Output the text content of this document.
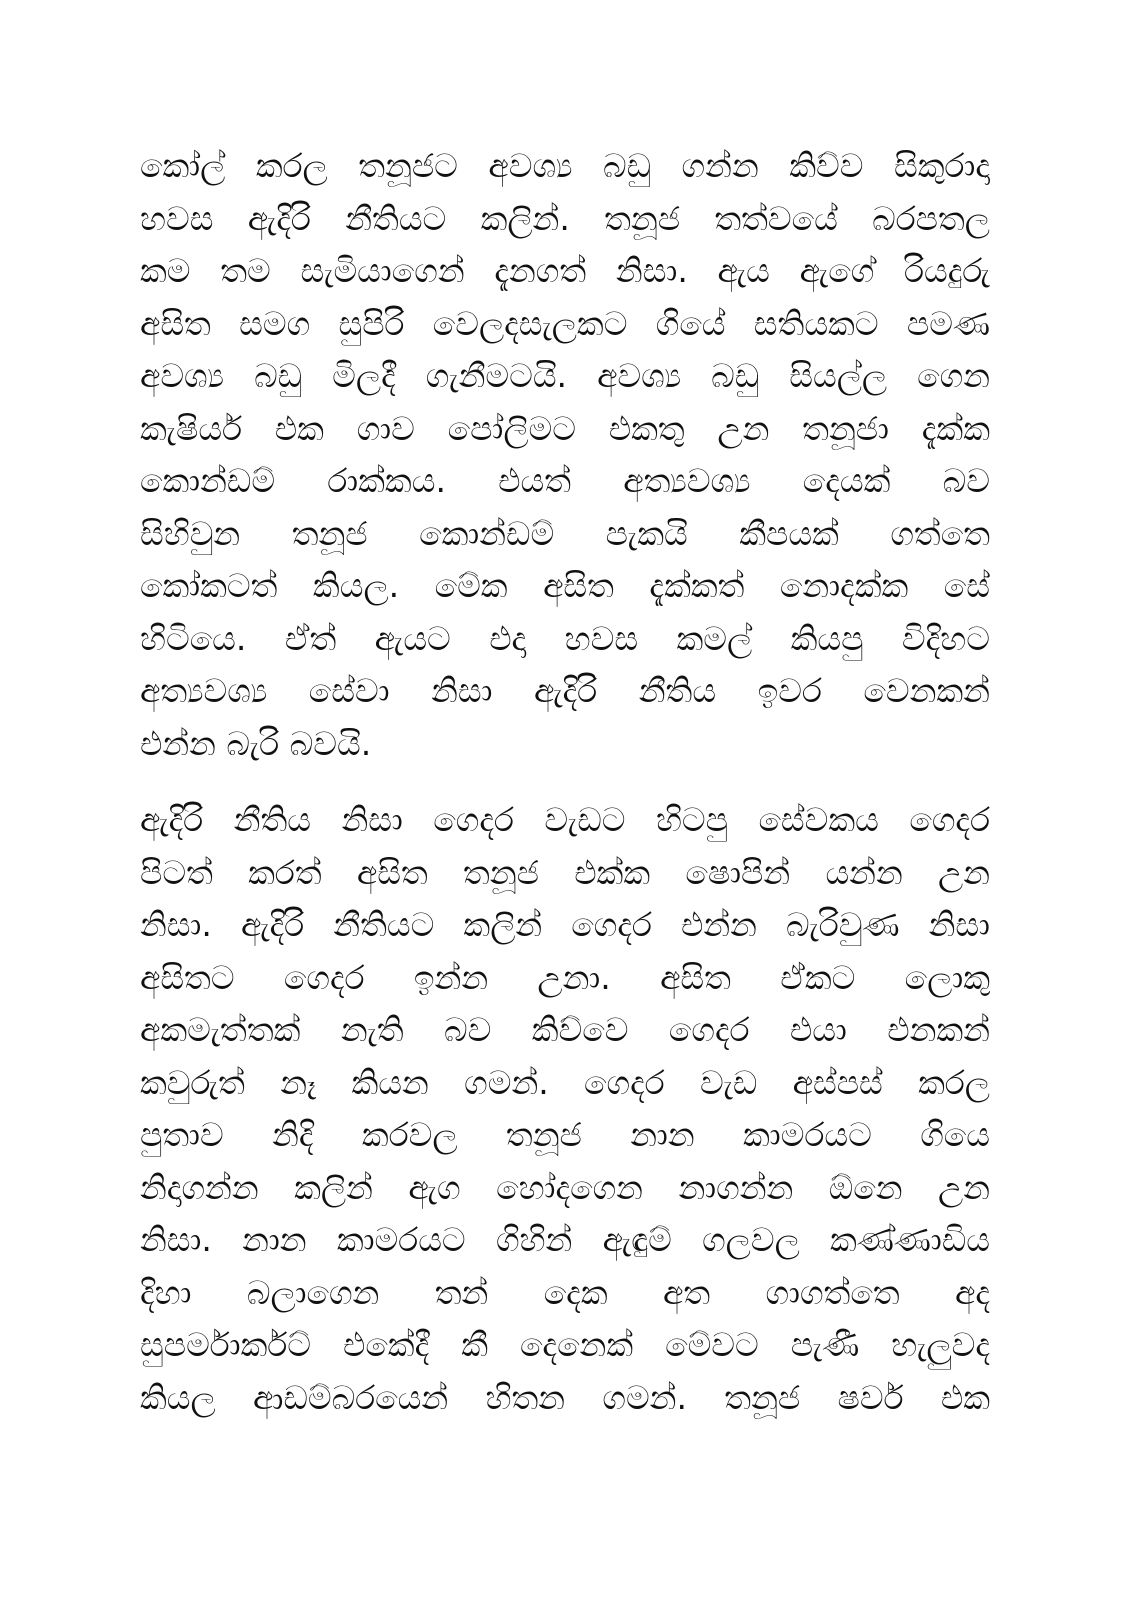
කෝල් කරල තනූජට අවශ්‍ය බඩු ගන්න කිව්ව සිකුරාදා
හවස ඇදිරි නීතියට කලින්. තනූජ තත්වයේ බරපතල
කම තම සැමියාගෙන් දැනගත් නිසා. ඇය ඇගේ රියදුරු
අසිත සමග සුපිරි වෙලදසැලකට ගියේ සතියකට පමණ
අවශ්‍ය බඩු මිලදී ගැනීමටයි. අවශ්‍ය බඩු සියල්ල ගෙන
කැෂියර් එක ගාව පෝලිමට එකතු උන තනූජා දැක්ක
කොන්ඩම් රාක්කය. එයත් අත්‍යවශ්‍ය දෙයක් බව
සිහිවුන තනූජ කොන්ඩම් පැකයි කීපයක් ගත්තෙ
කෝකටත් කියල. මේක අසිත දැක්කත් නොදක්ක සේ
හිටියෙ. ඒත් ඇයට එදා හවස කමල් කියපු විදිහට
අත්‍යවශ්‍ය සේවා නිසා ඇදිරි නීතිය ඉවර වෙනකන්
එන්න බැරි බවයි.

ඇදිරි නීතිය නිසා ගෙදර වැඩට හිටපු සේවකය ගෙදර
පිටත් කරත් අසිත තනූජ එක්ක ෂොපින් යන්න උන
නිසා. ඇදිරි නීතියට කලින් ගෙදර එන්න බැරිවුණ නිසා
අසිතට ගෙදර ඉන්න උනා. අසිත ඒකට ලොකු
අකමැත්තක් නැති බව කිව්වෙ ගෙදර එයා එනකන්
කවුරුත් නෑ කියන ගමන්. ගෙදර වැඩ අස්පස් කරල
පුතාව නිදි කරවල තනූජ නාන කාමරයට ගියෙ
නිදාගන්න කලින් ඇග හෝදගෙන නාගන්න ඕනෙ උන
නිසා. නාන කාමරයට ගිහින් ඇඳුම් ගලවල කණ්ණාඩිය
දිහා බලාගෙන තන් දෙක අත ගාගත්තෙ අද
සුපර්මාර්කට් එකේදී කී දෙනෙක් මේවට පැණී හැලුවද
කියල ආඩම්බරයෙන් හිතන ගමන්. තනූජ ෂවර් එක
